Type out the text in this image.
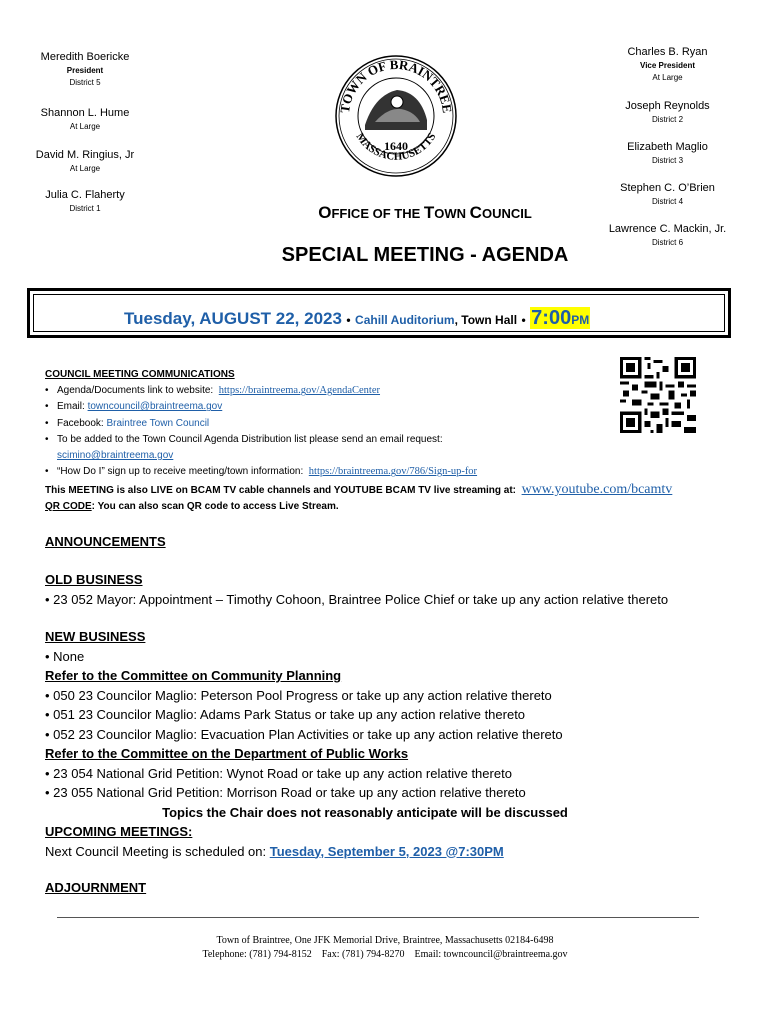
Meredith Boericke
President
District 5
Shannon L. Hume
At Large
David M. Ringius, Jr
At Large
Julia C. Flaherty
District 1
TOWN OF BRAINTREE
MASSACHUSETTS
1640
Charles B. Ryan
Vice President
At Large
Joseph Reynolds
District 2
Elizabeth Maglio
District 3
Stephen C. O’Brien
District 4
Lawrence C. Mackin, Jr.
District 6
OFFICE OF THE TOWN COUNCIL
SPECIAL MEETING - AGENDA
Tuesday, AUGUST 22, 2023 • Cahill Auditorium, Town Hall • 7:00PM
COUNCIL MEETING COMMUNICATIONS
• Agenda/Documents link to website: https://braintreema.gov/AgendaCenter
• Email: towncouncil@braintreema.gov
• Facebook: Braintree Town Council
• To be added to the Town Council Agenda Distribution list please send an email request:
scimino@braintreema.gov
• “How Do I” sign up to receive meeting/town information: https://braintreema.gov/786/Sign-up-for
This MEETING is also LIVE on BCAM TV cable channels and YOUTUBE BCAM TV live streaming at: www.youtube.com/bcamtv
QR CODE: You can also scan QR code to access Live Stream.
ANNOUNCEMENTS
OLD BUSINESS
• 23 052 Mayor: Appointment – Timothy Cohoon, Braintree Police Chief or take up any action relative thereto
NEW BUSINESS
• None
Refer to the Committee on Community Planning
• 050 23 Councilor Maglio: Peterson Pool Progress or take up any action relative thereto
• 051 23 Councilor Maglio: Adams Park Status or take up any action relative thereto
• 052 23 Councilor Maglio: Evacuation Plan Activities or take up any action relative thereto
Refer to the Committee on the Department of Public Works
• 23 054 National Grid Petition: Wynot Road or take up any action relative thereto
• 23 055 National Grid Petition: Morrison Road or take up any action relative thereto
Topics the Chair does not reasonably anticipate will be discussed
UPCOMING MEETINGS:
Next Council Meeting is scheduled on: Tuesday, September 5, 2023 @7:30PM
ADJOURNMENT
Town of Braintree, One JFK Memorial Drive, Braintree, Massachusetts 02184-6498
Telephone: (781) 794-8152    Fax: (781) 794-8270    Email: towncouncil@braintreema.gov
